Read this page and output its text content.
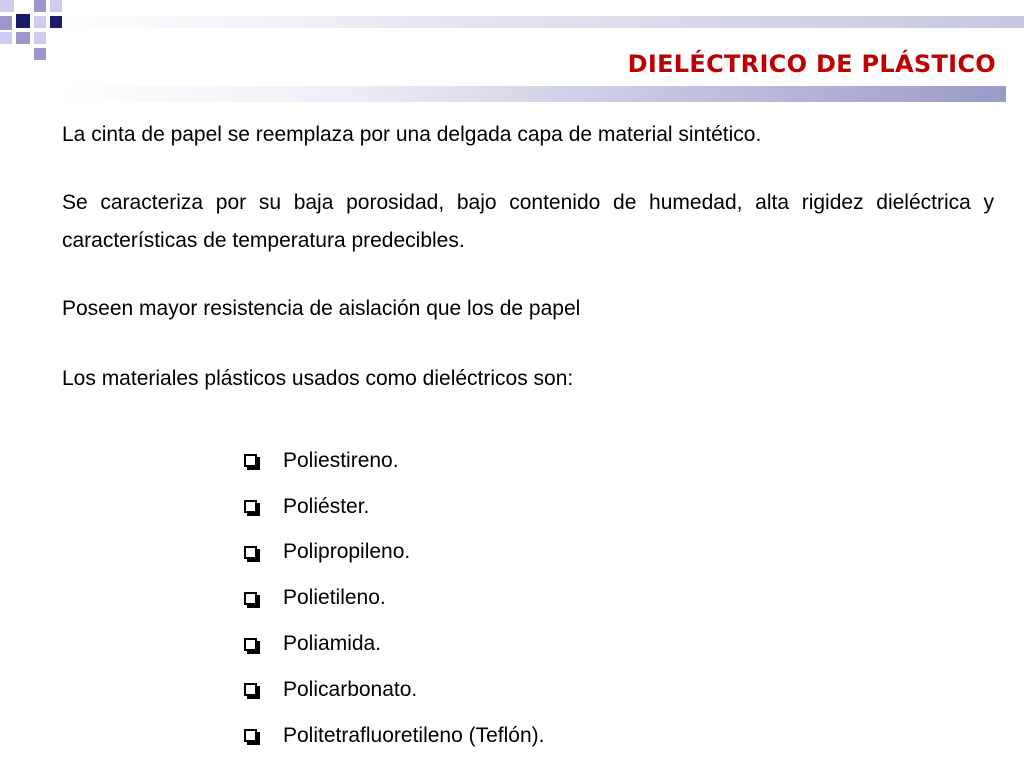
DIELÉCTRICO DE PLÁSTICO

La cinta de papel se reemplaza por una delgada capa de material sintético.

Se caracteriza por su baja porosidad, bajo contenido de humedad, alta rigidez dieléctrica y características de temperatura predecibles.

Poseen mayor resistencia de aislación que los de papel

Los materiales plásticos usados como dieléctricos son:

Poliestireno.
Poliéster.
Polipropileno.
Polietileno.
Poliamida.
Policarbonato.
Politetrafluoretileno (Teflón).
